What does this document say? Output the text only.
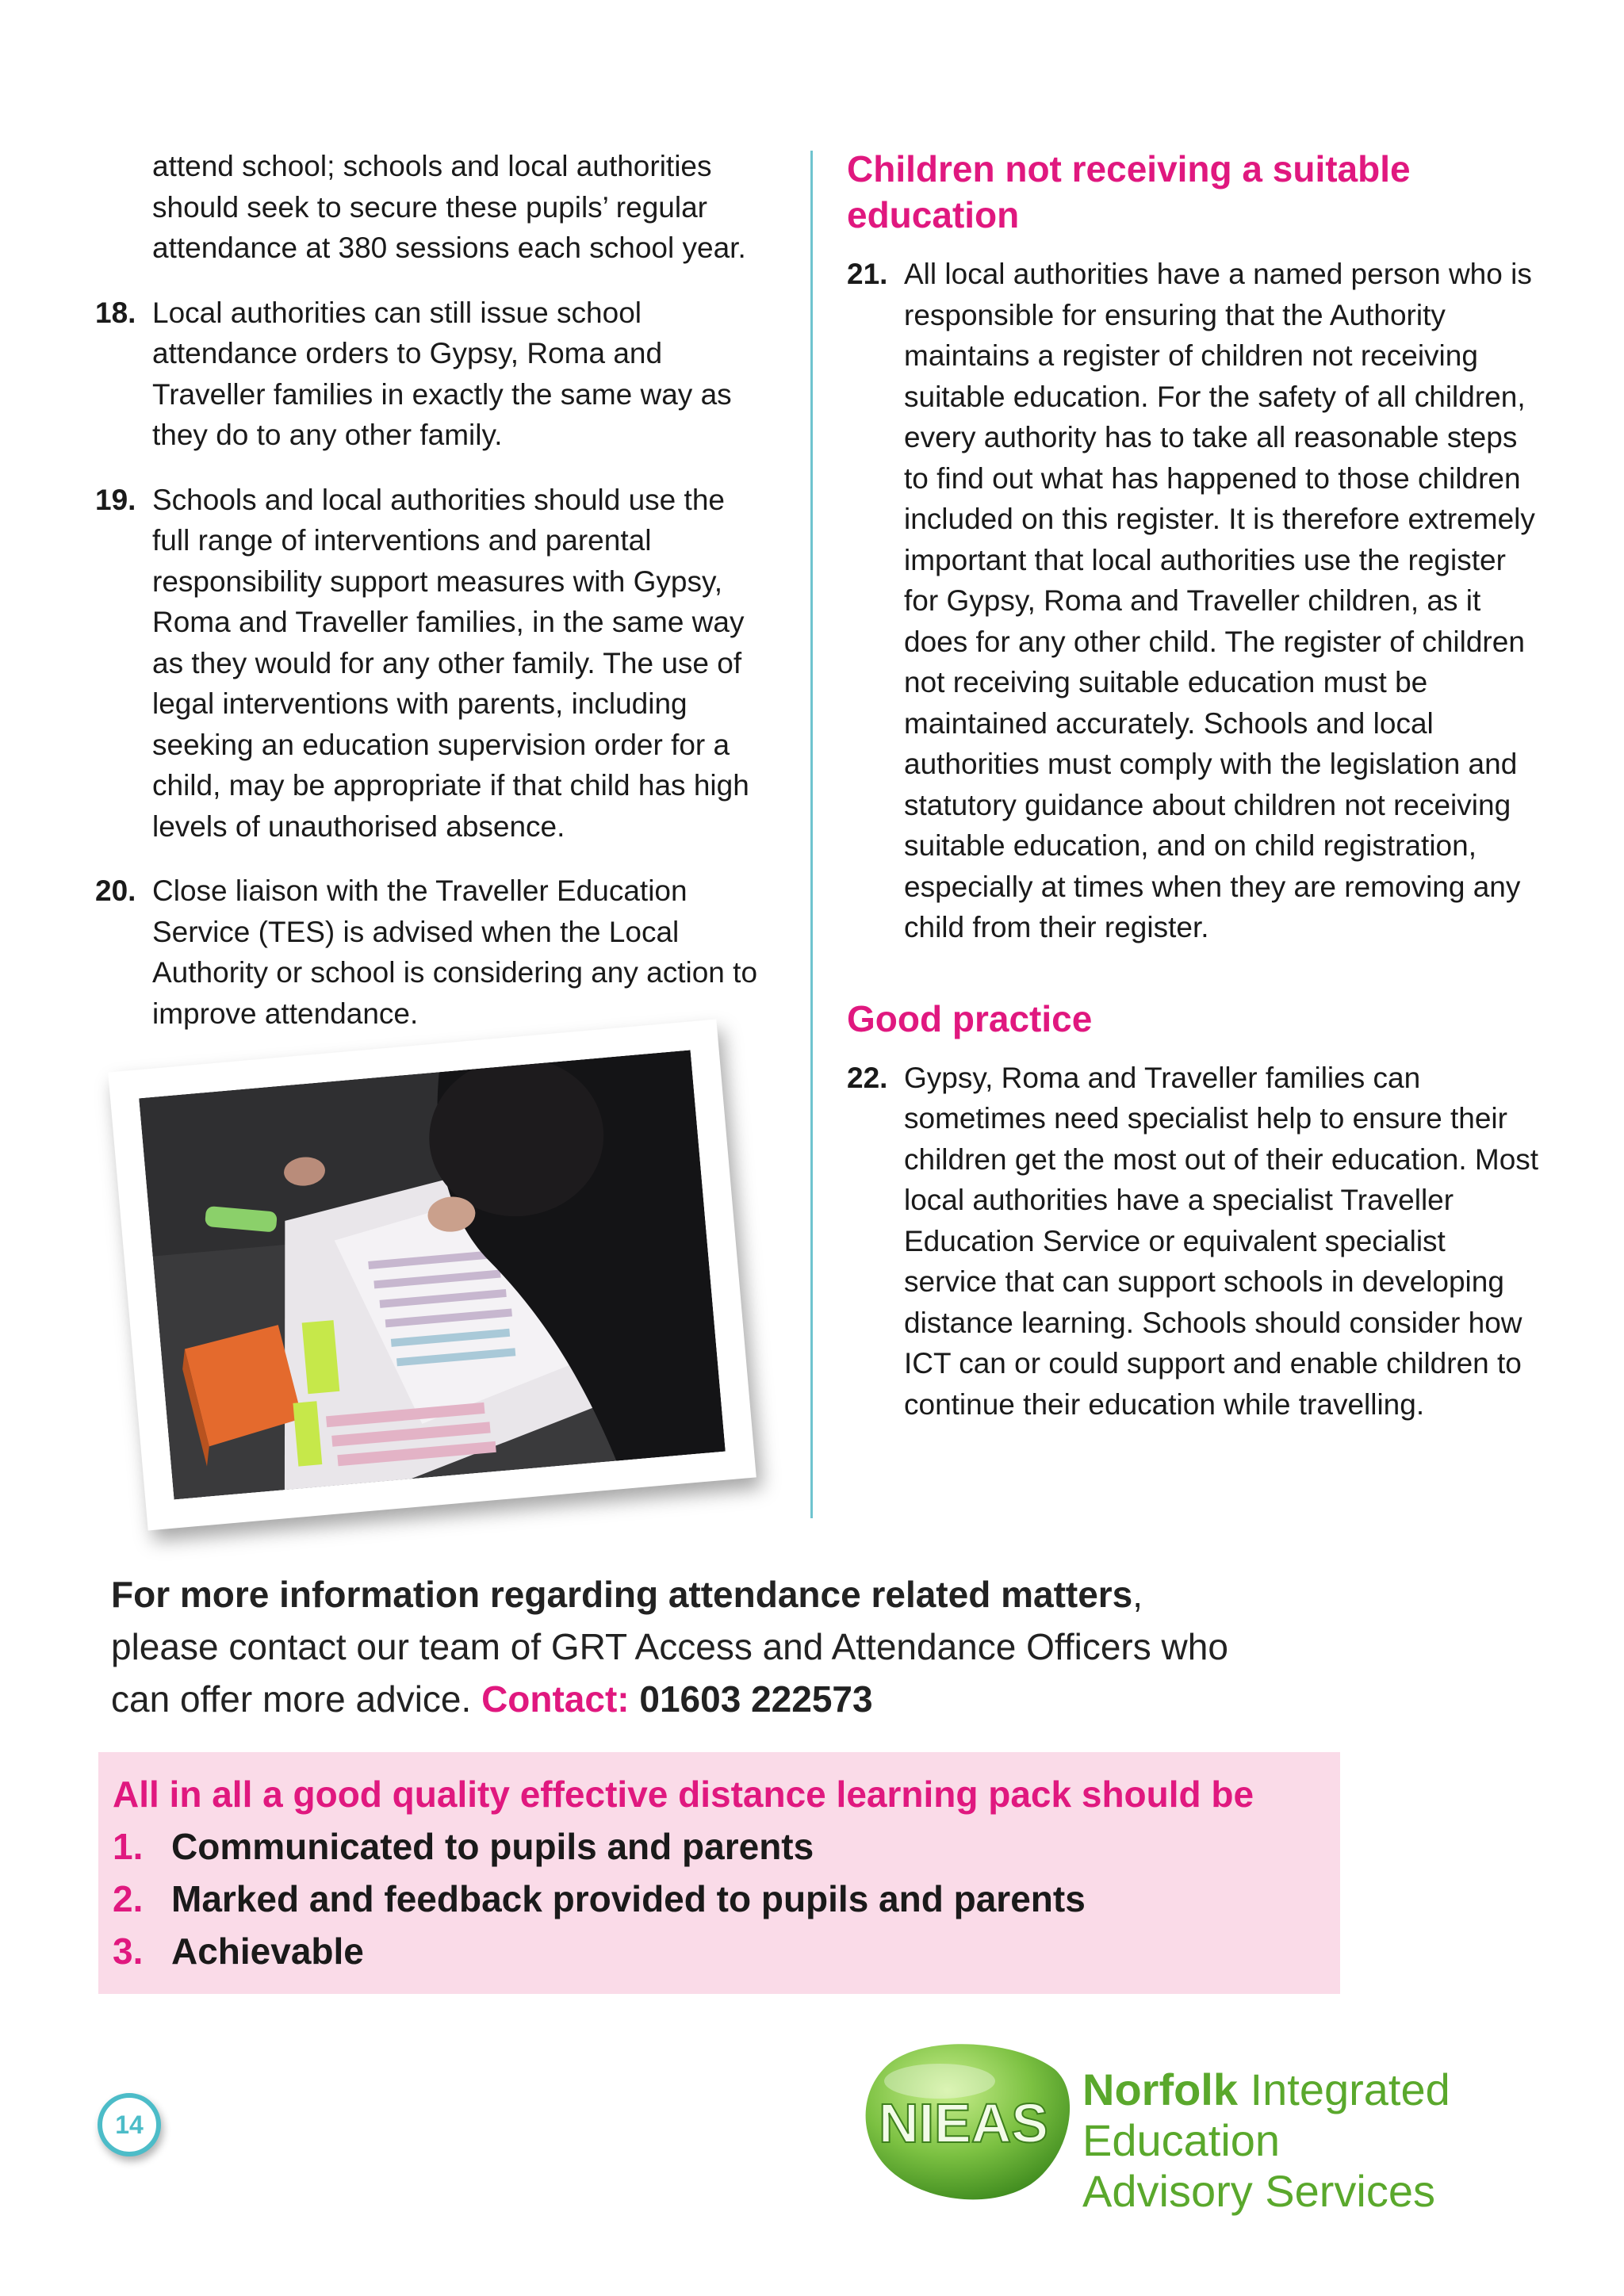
attend school; schools and local authorities should seek to secure these pupils’ regular attendance at 380 sessions each school year.

18. Local authorities can still issue school attendance orders to Gypsy, Roma and Traveller families in exactly the same way as they do to any other family.
19. Schools and local authorities should use the full range of interventions and parental responsibility support measures with Gypsy, Roma and Traveller families, in the same way as they would for any other family. The use of legal interventions with parents, including seeking an education supervision order for a child, may be appropriate if that child has high levels of unauthorised absence.
20. Close liaison with the Traveller Education Service (TES) is advised when the Local Authority or school is considering any action to improve attendance.
Children not receiving a suitable education
21. All local authorities have a named person who is responsible for ensuring that the Authority maintains a register of children not receiving suitable education. For the safety of all children, every authority has to take all reasonable steps to find out what has happened to those children included on this register. It is therefore extremely important that local authorities use the register for Gypsy, Roma and Traveller children, as it does for any other child. The register of children not receiving suitable education must be maintained accurately. Schools and local authorities must comply with the legislation and statutory guidance about children not receiving suitable education, and on child registration, especially at times when they are removing any child from their register.
Good practice
22. Gypsy, Roma and Traveller families can sometimes need specialist help to ensure their children get the most out of their education. Most local authorities have a specialist Traveller Education Service or equivalent specialist service that can support schools in developing distance learning. Schools should consider how ICT can or could support and enable children to continue their education while travelling.
For more information regarding attendance related matters,
please contact our team of GRT Access and Attendance Officers who
can offer more advice. Contact: 01603 222573
All in all a good quality effective distance learning pack should be
1. Communicated to pupils and parents
2. Marked and feedback provided to pupils and parents
3. Achievable
14	NIEAS
Norfolk Integrated Education
Advisory Services
